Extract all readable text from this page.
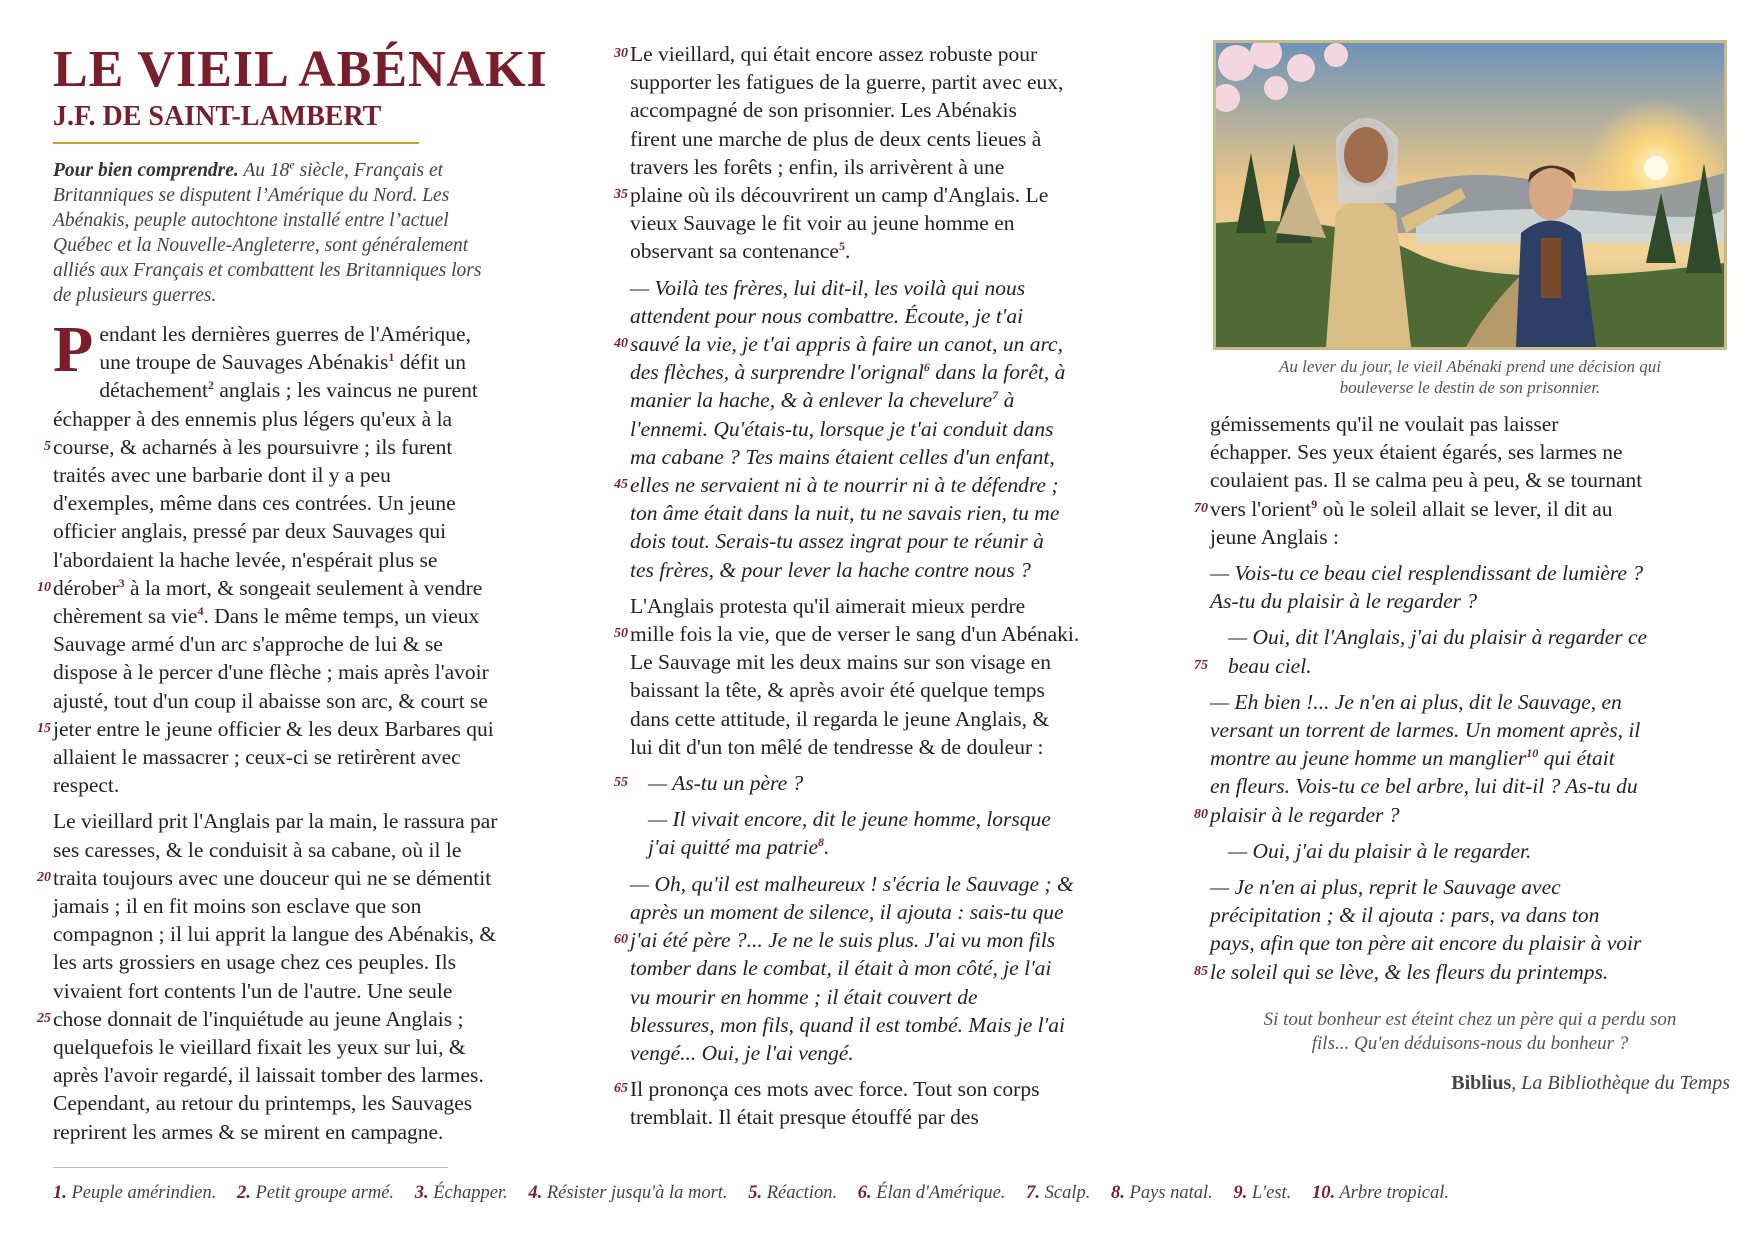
LE VIEIL ABÉNAKI
J.F. DE SAINT-LAMBERT
Pour bien comprendre. Au 18e siècle, Français et
Britanniques se disputent l’Amérique du Nord. Les
Abénakis, peuple autochtone installé entre l’actuel
Québec et la Nouvelle-Angleterre, sont généralement
alliés aux Français et combattent les Britanniques lors
de plusieurs guerres.
P endant les dernières guerres de l'Amérique,
une troupe de Sauvages Abénakis$^1$ défit un
détachement$^2$ anglais ; les vaincus ne purent
échapper à des ennemis plus légers qu'eux à la
5 course, & acharnés à les poursuivre ; ils furent
traités avec une barbarie dont il y a peu
d'exemples, même dans ces contrées. Un jeune
officier anglais, pressé par deux Sauvages qui
l'abordaient la hache levée, n'espérait plus se
10 dérober$^3$ à la mort, & songeait seulement à vendre
chèrement sa vie$^4$. Dans le même temps, un vieux
Sauvage armé d'un arc s'approche de lui & se
dispose à le percer d'une flèche ; mais après l'avoir
ajusté, tout d'un coup il abaisse son arc, & court se
15 jeter entre le jeune officier & les deux Barbares qui
allaient le massacrer ; ceux-ci se retirèrent avec
respect.
Le vieillard prit l'Anglais par la main, le rassura par
ses caresses, & le conduisit à sa cabane, où il le
20 traita toujours avec une douceur qui ne se démentit
jamais ; il en fit moins son esclave que son
compagnon ; il lui apprit la langue des Abénakis, &
les arts grossiers en usage chez ces peuples. Ils
vivaient fort contents l'un de l'autre. Une seule
25 chose donnait de l'inquiétude au jeune Anglais ;
quelquefois le vieillard fixait les yeux sur lui, &
après l'avoir regardé, il laissait tomber des larmes.
Cependant, au retour du printemps, les Sauvages
reprirent les armes & se mirent en campagne.
30 Le vieillard, qui était encore assez robuste pour
supporter les fatigues de la guerre, partit avec eux,
accompagné de son prisonnier. Les Abénakis
firent une marche de plus de deux cents lieues à
travers les forêts ; enfin, ils arrivèrent à une
35 plaine où ils découvrirent un camp d'Anglais. Le
vieux Sauvage le fit voir au jeune homme en
observant sa contenance$^5$.
— Voilà tes frères, lui dit-il, les voilà qui nous
attendent pour nous combattre. Écoute, je t'ai
40 sauvé la vie, je t'ai appris à faire un canot, un arc,
des flèches, à surprendre l'orignal$^6$ dans la forêt, à
manier la hache, & à enlever la chevelure$^7$ à
l'ennemi. Qu'étais-tu, lorsque je t'ai conduit dans
ma cabane ? Tes mains étaient celles d'un enfant,
45 elles ne servaient ni à te nourrir ni à te défendre ;
ton âme était dans la nuit, tu ne savais rien, tu me
dois tout. Serais-tu assez ingrat pour te réunir à
tes frères, & pour lever la hache contre nous ?
L'Anglais protesta qu'il aimerait mieux perdre
50 mille fois la vie, que de verser le sang d'un Abénaki.
Le Sauvage mit les deux mains sur son visage en
baissant la tête, & après avoir été quelque temps
dans cette attitude, il regarda le jeune Anglais, &
lui dit d'un ton mêlé de tendresse & de douleur :
55 — As-tu un père ?
— Il vivait encore, dit le jeune homme, lorsque
j'ai quitté ma patrie$^8$.
— Oh, qu'il est malheureux ! s'écria le Sauvage ; &
après un moment de silence, il ajouta : sais-tu que
60 j'ai été père ?... Je ne le suis plus. J'ai vu mon fils
tomber dans le combat, il était à mon côté, je l'ai
vu mourir en homme ; il était couvert de
blessures, mon fils, quand il est tombé. Mais je l'ai
vengé... Oui, je l'ai vengé.
65 Il prononça ces mots avec force. Tout son corps
tremblait. Il était presque étouffé par des
Au lever du jour, le vieil Abénaki prend une décision qui
bouleverse le destin de son prisonnier.
gémissements qu'il ne voulait pas laisser
échapper. Ses yeux étaient égarés, ses larmes ne
coulaient pas. Il se calma peu à peu, & se tournant
70 vers l'orient$^9$ où le soleil allait se lever, il dit au
jeune Anglais :
— Vois-tu ce beau ciel resplendissant de lumière ?
As-tu du plaisir à le regarder ?
— Oui, dit l'Anglais, j'ai du plaisir à regarder ce
75 beau ciel.
— Eh bien !... Je n'en ai plus, dit le Sauvage, en
versant un torrent de larmes. Un moment après, il
montre au jeune homme un manglier$^{10}$ qui était
en fleurs. Vois-tu ce bel arbre, lui dit-il ? As-tu du
80 plaisir à le regarder ?
— Oui, j'ai du plaisir à le regarder.
— Je n'en ai plus, reprit le Sauvage avec
précipitation ; & il ajouta : pars, va dans ton
pays, afin que ton père ait encore du plaisir à voir
85 le soleil qui se lève, & les fleurs du printemps.
Si tout bonheur est éteint chez un père qui a perdu son
fils... Qu'en déduisons-nous du bonheur ?
Biblius, La Bibliothèque du Temps
1. Peuple amérindien. 2. Petit groupe armé. 3. Échapper. 4. Résister jusqu'à la mort. 5. Réaction. 6. Élan d'Amérique. 7. Scalp. 8. Pays natal. 9. L'est. 10. Arbre tropical.
